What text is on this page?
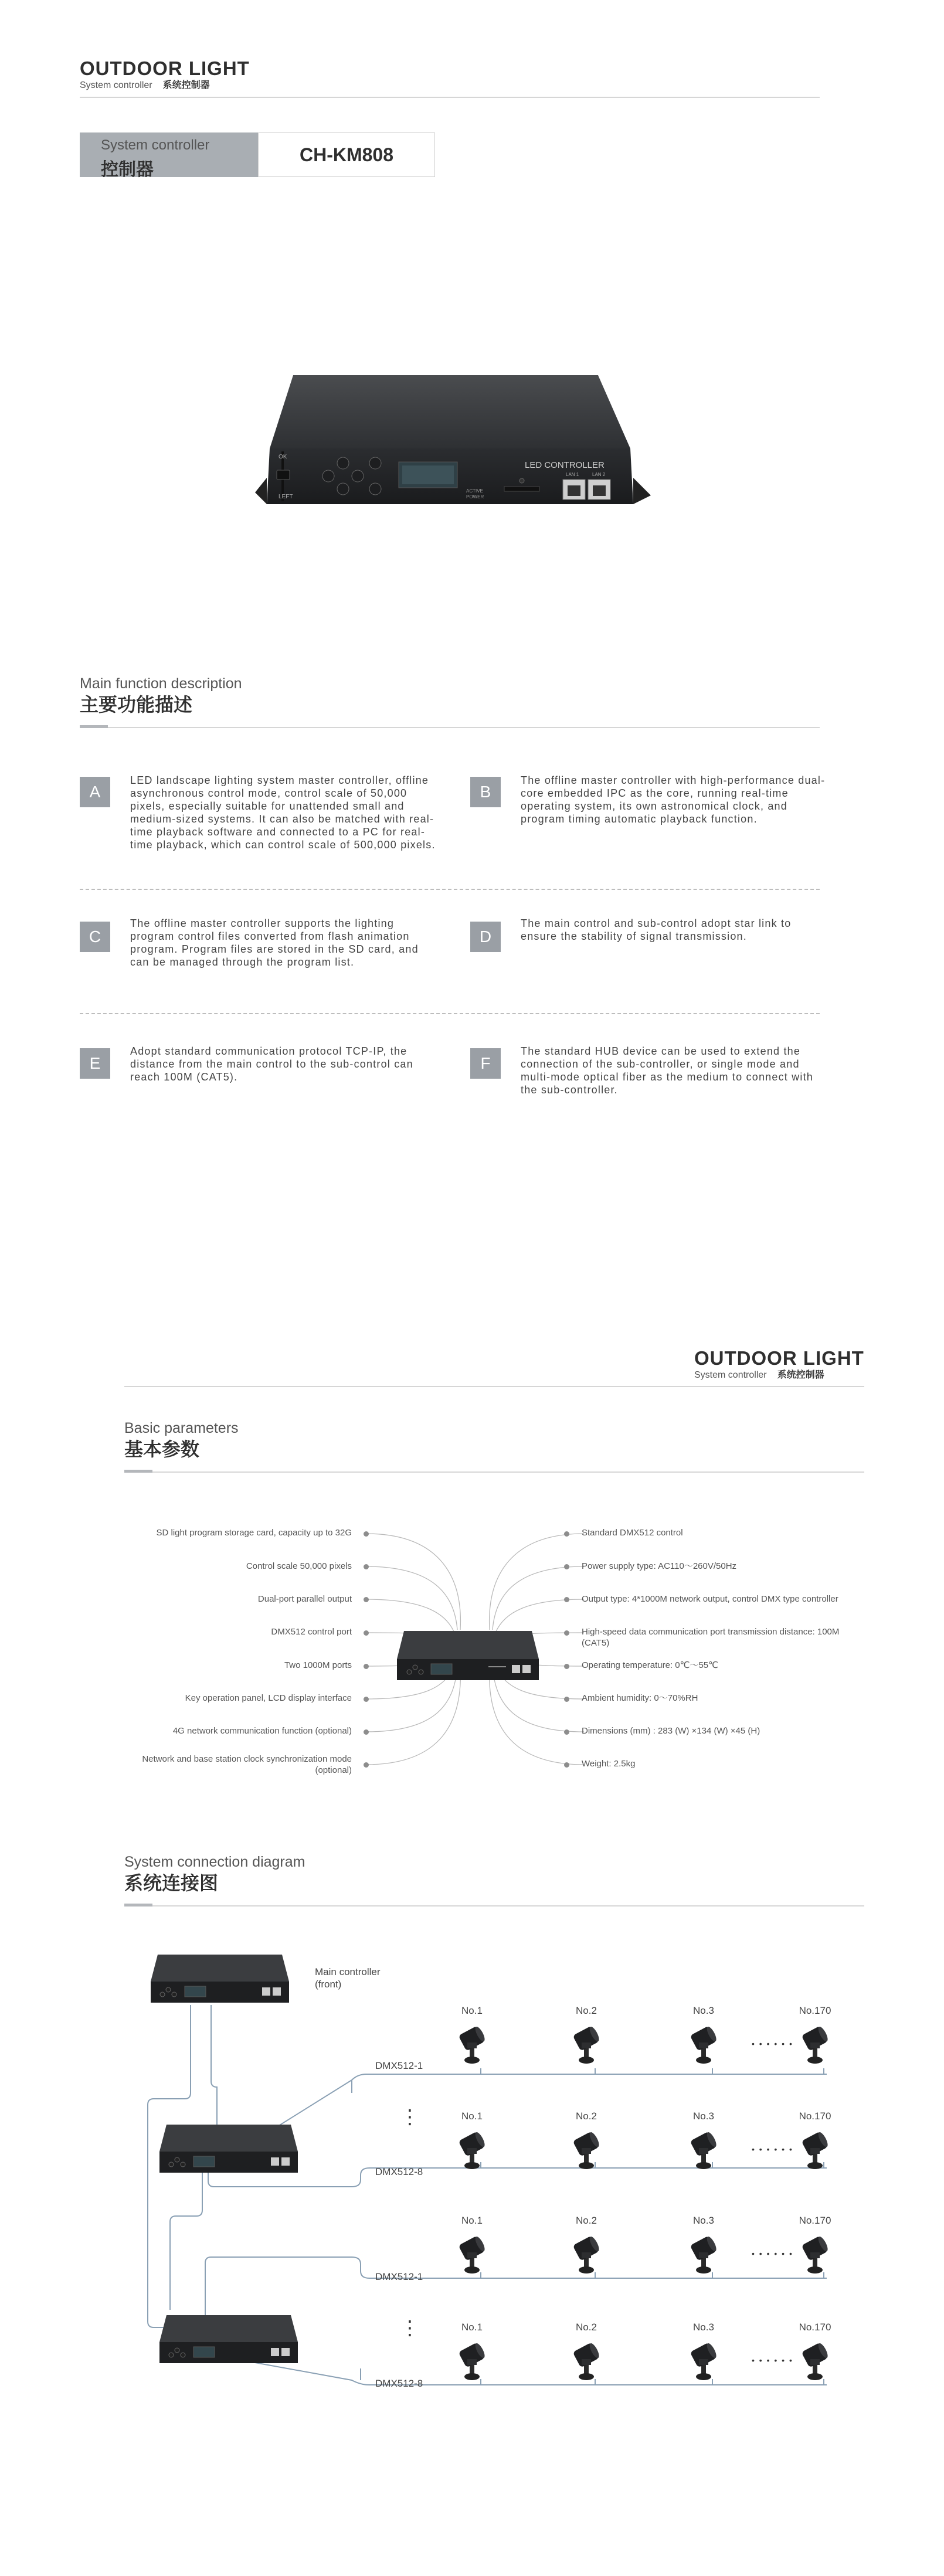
OUTDOOR LIGHT
System controller 系统控制器
System controller
控制器
CH-KM808
OK
LEFT
LED CONTROLLER
ACTIVE
POWER
LAN 1	LAN 2
Main function description
主要功能描述
A
LED landscape lighting system master controller, offline asynchronous control mode, control scale of 50,000 pixels, especially suitable for unattended small and medium-sized systems. It can also be matched with real-time playback software and connected to a PC for real-time playback, which can control scale of 500,000 pixels.
B
The offline master controller with high-performance dual-core embedded IPC as the core, running real-time operating system, its own astronomical clock, and program timing automatic playback function.
C
The offline master controller supports the lighting program control files converted from flash animation program. Program files are stored in the SD card, and can be managed through the program list.
D
The main control and sub-control adopt star link to ensure the stability of signal transmission.
E
Adopt standard communication protocol TCP-IP, the distance from the main control to the sub-control can reach 100M (CAT5).
F
The standard HUB device can be used to extend the connection of the sub-controller, or single mode and multi-mode optical fiber as the medium to connect with the sub-controller.
OUTDOOR LIGHT
System controller 系统控制器
Basic parameters
基本参数
SD light program storage card, capacity up to 32G
Control scale 50,000 pixels
Dual-port parallel output
DMX512 control port
Two 1000M ports
Key operation panel, LCD display interface
4G network communication function (optional)
Network and base station clock synchronization mode (optional)
Standard DMX512 control
Power supply type: AC110～260V/50Hz
Output type: 4*1000M network output, control DMX type controller
High-speed data communication port transmission distance: 100M (CAT5)
Operating temperature: 0℃～55℃
Ambient humidity: 0～70%RH
Dimensions (mm) : 283 (W) ×134 (W) ×45 (H)
Weight: 2.5kg
System connection diagram
系统连接图
Main controller
(front)
⋮
⋮
DMX512-1
DMX512-8
DMX512-1
DMX512-8
No.1	No.2	No.3	No.170
• • • • • •
No.1	No.2	No.3	No.170
• • • • • •
No.1	No.2	No.3	No.170
• • • • • •
No.1	No.2	No.3	No.170
• • • • • •
